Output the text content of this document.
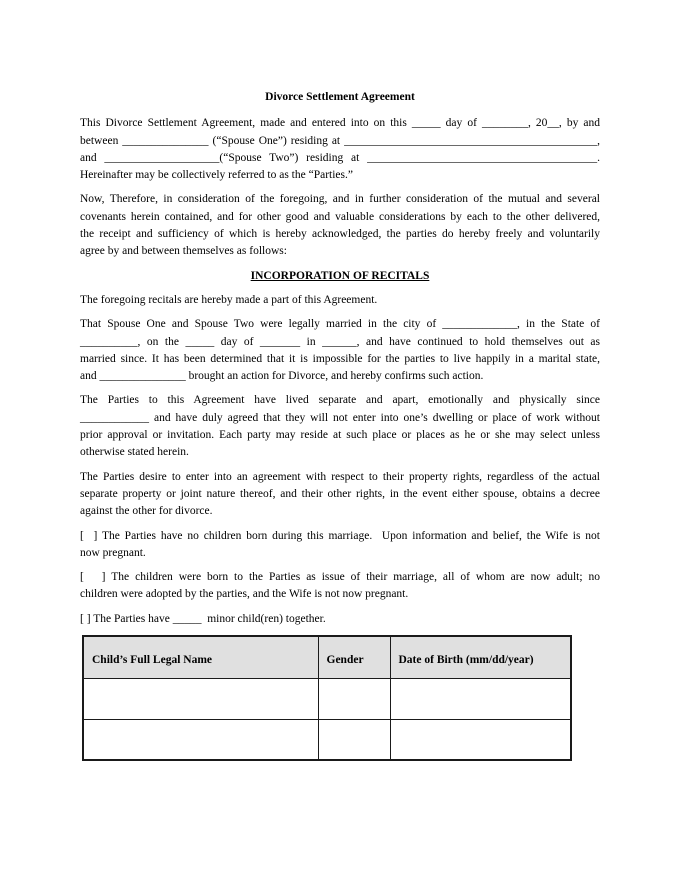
Divorce Settlement Agreement
This Divorce Settlement Agreement, made and entered into on this _____ day of ________, 20__, by and
between _______________ (“Spouse One”) residing at ____________________________________________,
and ____________________(“Spouse Two”) residing at ________________________________________.
Hereinafter may be collectively referred to as the “Parties.”
Now, Therefore, in consideration of the foregoing, and in further consideration of the mutual and several
covenants herein contained, and for other good and valuable considerations by each to the other delivered,
the receipt and sufficiency of which is hereby acknowledged, the parties do hereby freely and voluntarily
agree by and between themselves as follows:
INCORPORATION OF RECITALS
The foregoing recitals are hereby made a part of this Agreement.
That Spouse One and Spouse Two were legally married in the city of _____________, in the State of
__________, on the _____ day of _______ in ______, and have continued to hold themselves out as
married since. It has been determined that it is impossible for the parties to live happily in a marital state,
and _______________ brought an action for Divorce, and hereby confirms such action.
The Parties to this Agreement have lived separate and apart, emotionally and physically since
____________ and have duly agreed that they will not enter into one’s dwelling or place of work without
prior approval or invitation. Each party may reside at such place or places as he or she may select unless
otherwise stated herein.
The Parties desire to enter into an agreement with respect to their property rights, regardless of the actual
separate property or joint nature thereof, and their other rights, in the event either spouse, obtains a decree
against the other for divorce.
[  ] The Parties have no children born during this marriage.  Upon information and belief, the Wife is not
now pregnant.
[   ] The children were born to the Parties as issue of their marriage, all of whom are now adult; no
children were adopted by the parties, and the Wife is not now pregnant.
[ ] The Parties have _____  minor child(ren) together.
Child’s Full Legal Name	Gender	Date of Birth (mm/dd/year)
